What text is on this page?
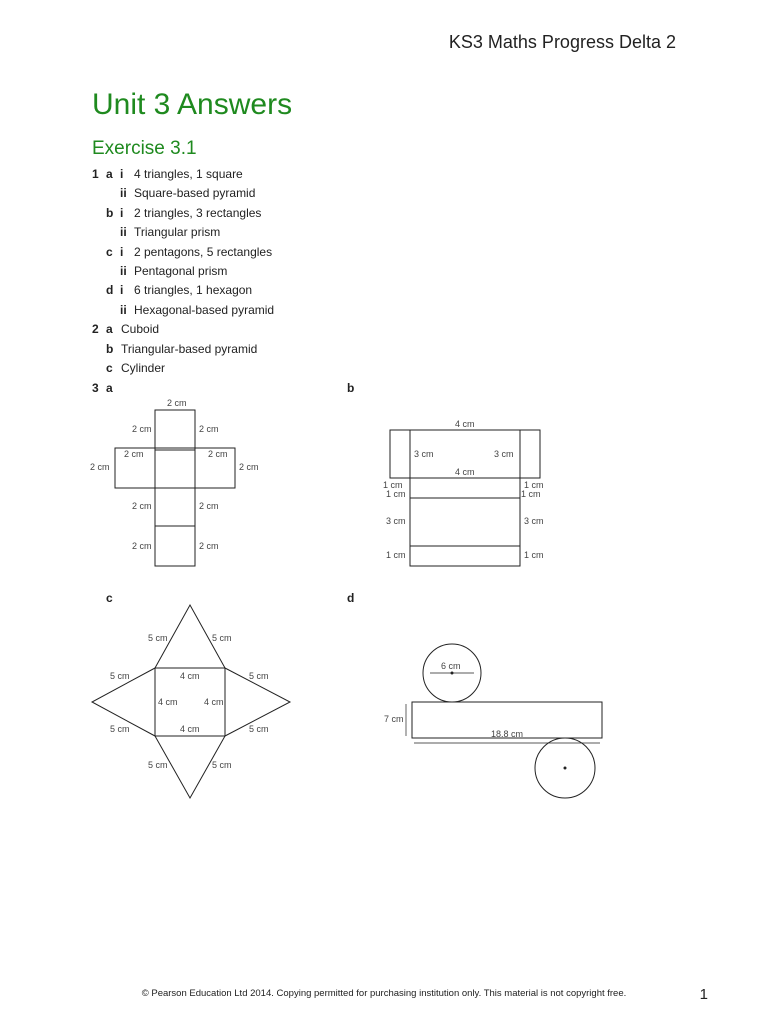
KS3 Maths Progress Delta 2
Unit 3 Answers
Exercise 3.1
1 a i 4 triangles, 1 square
ii Square-based pyramid
b i 2 triangles, 3 rectangles
ii Triangular prism
c i 2 pentagons, 5 rectangles
ii Pentagonal prism
d i 6 triangles, 1 hexagon
ii Hexagonal-based pyramid
2 a Cuboid
b Triangular-based pyramid
c Cylinder
3 a	b
c	d
2 cm
2 cm	2 cm
2 cm	2 cm
2 cm	2 cm
2 cm	2 cm
2 cm	2 cm
4 cm
3 cm	3 cm
4 cm
1 cm	1 cm
1 cm	1 cm
3 cm	3 cm
1 cm	1 cm
5 cm	5 cm
4 cm
5 cm	5 cm
4 cm	4 cm
4 cm
5 cm	5 cm
5 cm	5 cm
6 cm
7 cm
18.8 cm
© Pearson Education Ltd 2014. Copying permitted for purchasing institution only. This material is not copyright free.	1
